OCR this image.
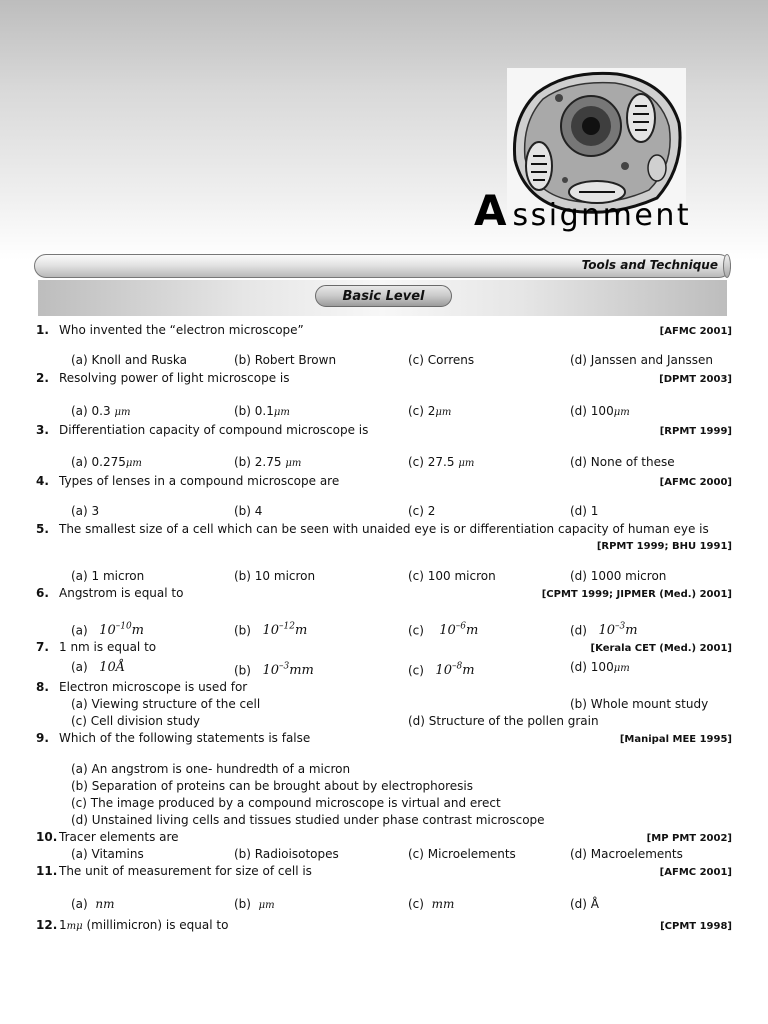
A ssignment
Tools and Technique
Basic Level
1. Who invented the “electron microscope”	[AFMC 2001]
(a) Knoll and Ruska	(b) Robert Brown	(c) Correns	(d) Janssen and Janssen
2. Resolving power of light microscope is	[DPMT 2003]
(a) 0.3 μm	(b) 0.1μm	(c) 2μm	(d) 100μm
3. Differentiation capacity of compound microscope is	[RPMT 1999]
(a) 0.275μm	(b) 2.75 μm	(c) 27.5 μm	(d) None of these
4. Types of lenses in a compound microscope are	[AFMC 2000]
(a) 3	(b) 4	(c) 2	(d) 1
5. The smallest size of a cell which can be seen with unaided eye is or differentiation capacity of human eye is
[RPMT 1999; BHU 1991]
(a) 1 micron	(b) 10 micron	(c) 100 micron	(d) 1000 micron
6. Angstrom is equal to	[CPMT 1999; JIPMER (Med.) 2001]
(a) $10^{-10}m$	(b) $10^{-12}m$	(c) $10^{-6}m$	(d) $10^{-3}m$
7. 1 nm is equal to	[Kerala CET (Med.) 2001]
(a) 10Å	(b) $10^{-3}mm$	(c) $10^{-8}m$	(d) 100μm
8. Electron microscope is used for
(a) Viewing structure of the cell	(b) Whole mount study
(c) Cell division study	(d) Structure of the pollen grain
9. Which of the following statements is false	[Manipal MEE 1995]
(a) An angstrom is one- hundredth of a micron
(b) Separation of proteins can be brought about by electrophoresis
(c) The image produced by a compound microscope is virtual and erect
(d) Unstained living cells and tissues studied under phase contrast microscope
10. Tracer elements are	[MP PMT 2002]
(a) Vitamins	(b) Radioisotopes	(c) Microelements	(d) Macroelements
11. The unit of measurement for size of cell is	[AFMC 2001]
(a) nm	(b) μm	(c) mm	(d) Å
12. 1mμ (millimicron) is equal to	[CPMT 1998]
